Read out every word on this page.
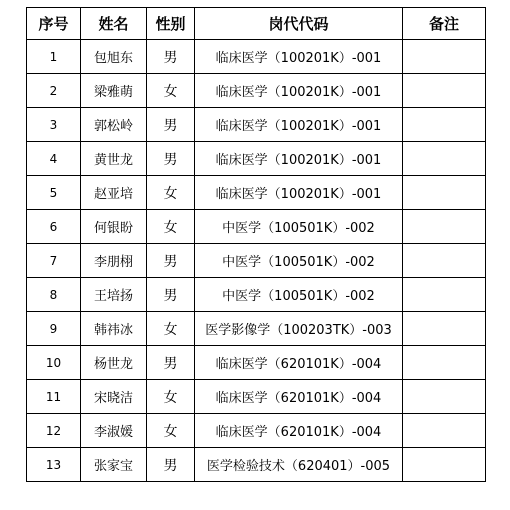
序号	姓名	性别	岗代代码	备注
1	包旭东	男	临床医学（100201K）-001	
2	梁雅萌	女	临床医学（100201K）-001	
3	郭松岭	男	临床医学（100201K）-001	
4	黄世龙	男	临床医学（100201K）-001	
5	赵亚培	女	临床医学（100201K）-001	
6	何银盼	女	中医学（100501K）-002	
7	李朋栩	男	中医学（100501K）-002	
8	王培扬	男	中医学（100501K）-002	
9	韩祎冰	女	医学影像学（100203TK）-003	
10	杨世龙	男	临床医学（620101K）-004	
11	宋晓洁	女	临床医学（620101K）-004	
12	李淑媛	女	临床医学（620101K）-004	
13	张家宝	男	医学检验技术（620401）-005	
